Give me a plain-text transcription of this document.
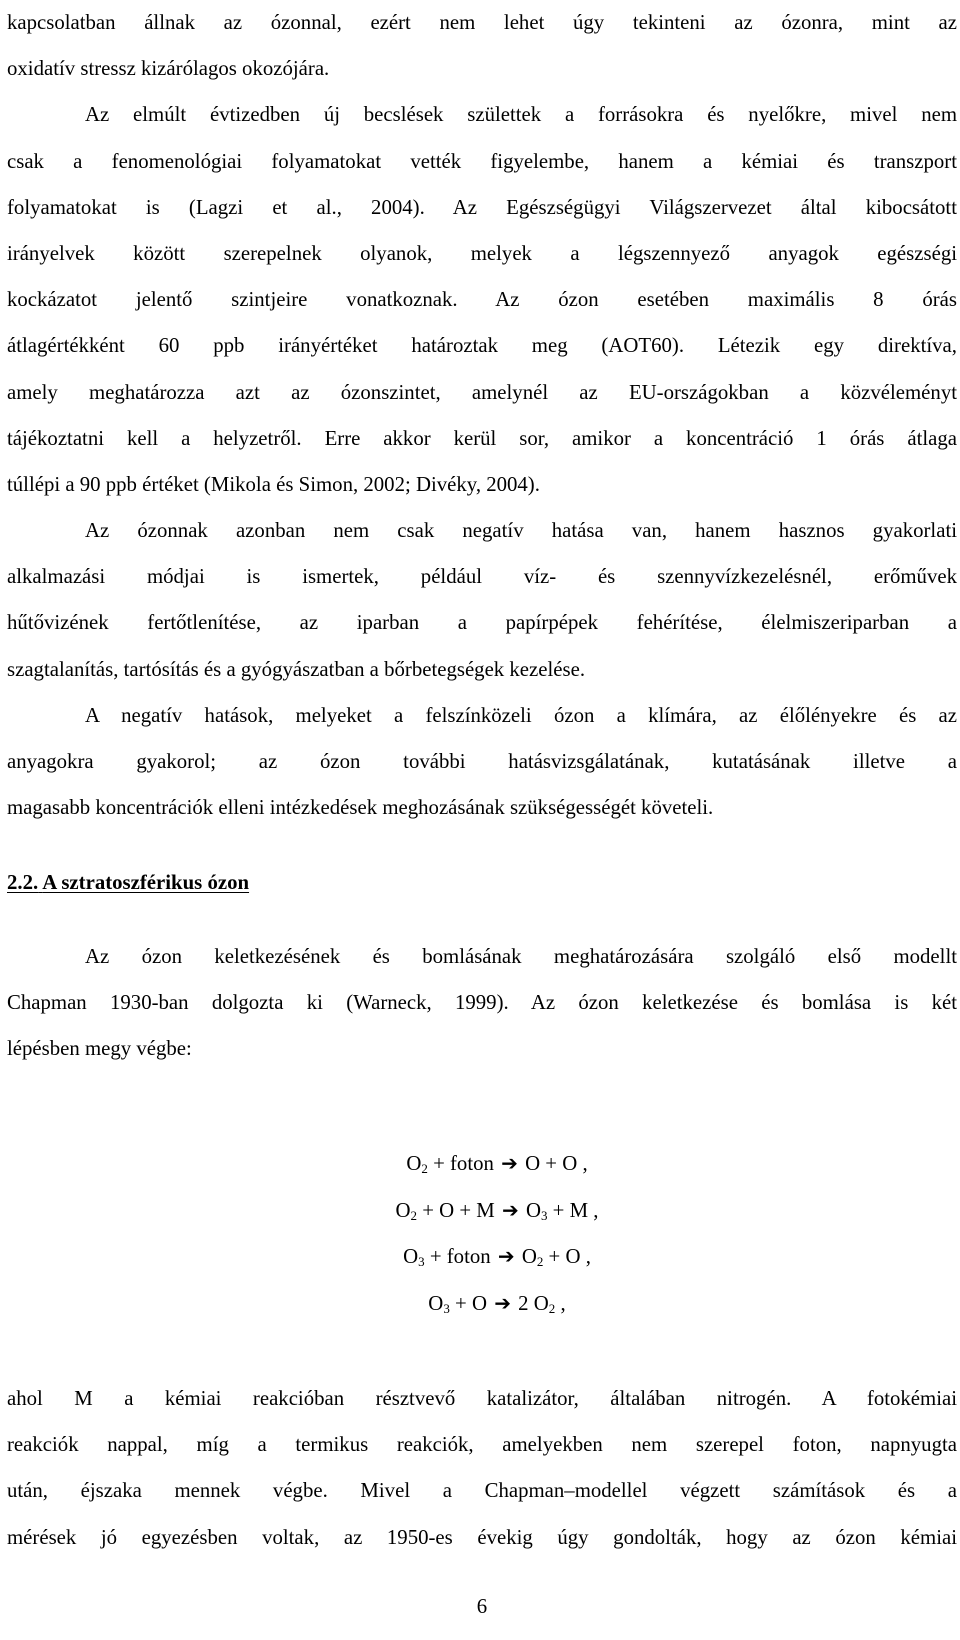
kapcsolatban állnak az ózonnal, ezért nem lehet úgy tekinteni az ózonra, mint az
oxidatív stressz kizárólagos okozójára.
Az elmúlt évtizedben új becslések születtek a forrásokra és nyelőkre, mivel nem
csak a fenomenológiai folyamatokat vették figyelembe, hanem a kémiai és transzport
folyamatokat is (Lagzi et al., 2004). Az Egészségügyi Világszervezet által kibocsátott
irányelvek között szerepelnek olyanok, melyek a légszennyező anyagok egészségi
kockázatot jelentő szintjeire vonatkoznak. Az ózon esetében maximális 8 órás
átlagértékként 60 ppb irányértéket határoztak meg (AOT60). Létezik egy direktíva,
amely meghatározza azt az ózonszintet, amelynél az EU-országokban a közvéleményt
tájékoztatni kell a helyzetről. Erre akkor kerül sor, amikor a koncentráció 1 órás átlaga
túllépi a 90 ppb értéket (Mikola és Simon, 2002; Divéky, 2004).
Az ózonnak azonban nem csak negatív hatása van, hanem hasznos gyakorlati
alkalmazási módjai is ismertek, például víz- és szennyvízkezelésnél, erőművek
hűtővizének fertőtlenítése, az iparban a papírpépek fehérítése, élelmiszeriparban a
szagtalanítás, tartósítás és a gyógyászatban a bőrbetegségek kezelése.
A negatív hatások, melyeket a felszínközeli ózon a klímára, az élőlényekre és az
anyagokra gyakorol; az ózon további hatásvizsgálatának, kutatásának illetve a
magasabb koncentrációk elleni intézkedések meghozásának szükségességét követeli.
2.2. A sztratoszférikus ózon
Az ózon keletkezésének és bomlásának meghatározására szolgáló első modellt
Chapman 1930-ban dolgozta ki (Warneck, 1999). Az ózon keletkezése és bomlása is két
lépésben megy végbe:
$O_2$ + foton ➔ O + O ,
$O_2 + O + M$ ➔ $O_3 + M$ ,
$O_3$ + foton ➔ $O_2 + O$ ,
$O_3 + O$ ➔ 2 $O_2$ ,
ahol M a kémiai reakcióban résztvevő katalizátor, általában nitrogén. A fotokémiai
reakciók nappal, míg a termikus reakciók, amelyekben nem szerepel foton, napnyugta
után, éjszaka mennek végbe. Mivel a Chapman–modellel végzett számítások és a
mérések jó egyezésben voltak, az 1950-es évekig úgy gondolták, hogy az ózon kémiai
6
